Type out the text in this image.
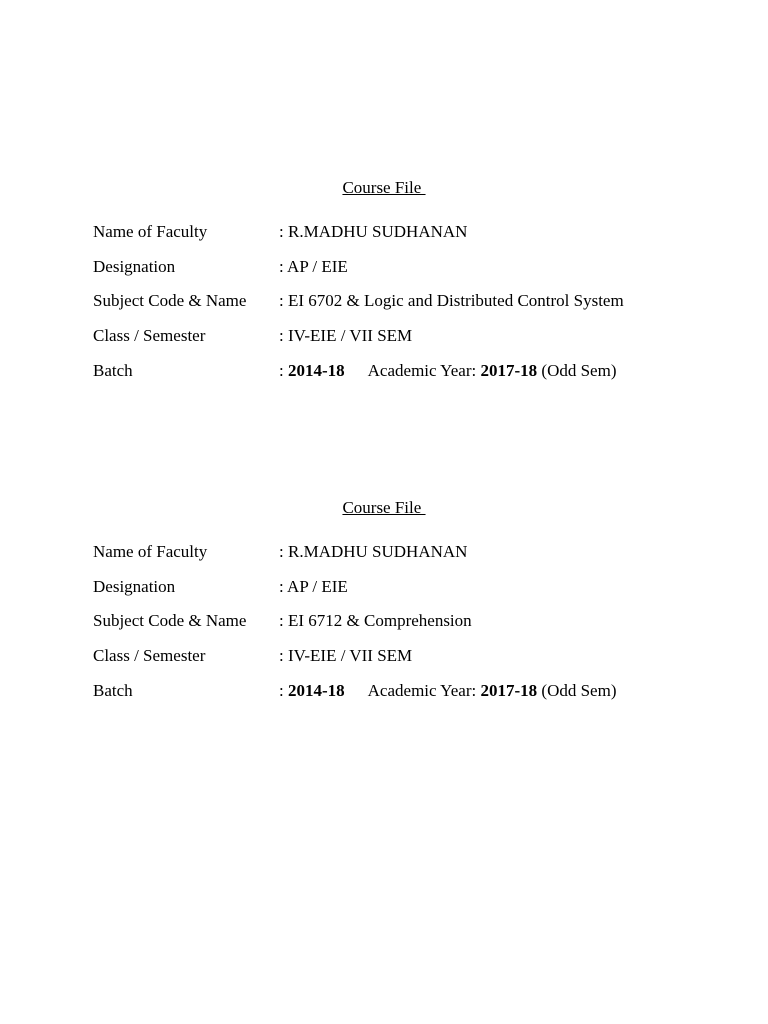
Course File
Name of Faculty	: R.MADHU SUDHANAN
Designation	: AP / EIE
Subject Code & Name : EI 6702 & Logic and Distributed Control System
Class / Semester	: IV-EIE / VII SEM
Batch	: 2014-18 Academic Year: 2017-18 (Odd Sem)
Course File
Name of Faculty	: R.MADHU SUDHANAN
Designation	: AP / EIE
Subject Code & Name : EI 6712 & Comprehension
Class / Semester	: IV-EIE / VII SEM
Batch	: 2014-18 Academic Year: 2017-18 (Odd Sem)
